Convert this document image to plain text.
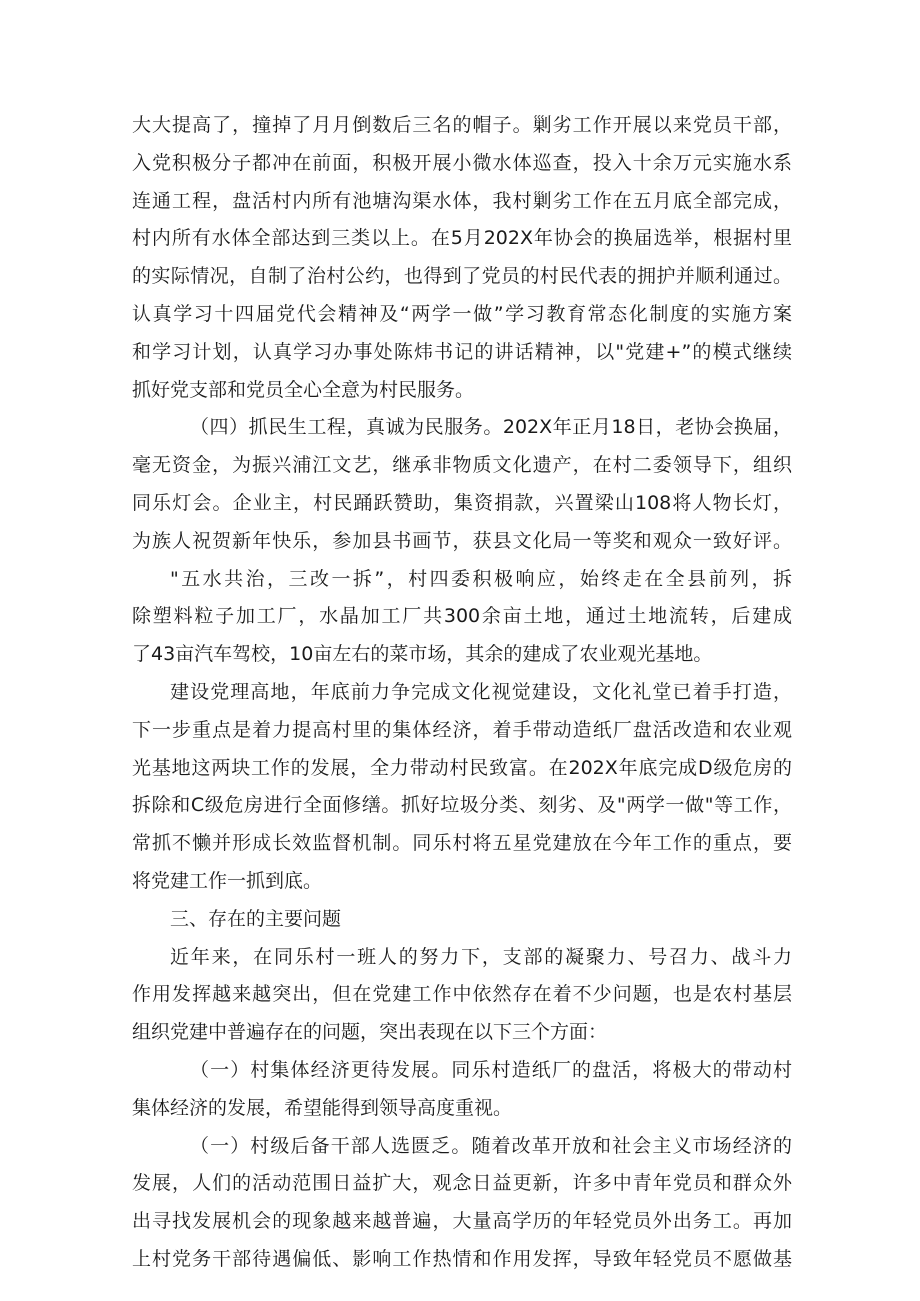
大大提高了，撞掉了月月倒数后三名的帽子。剿劣工作开展以来党员干部，
入党积极分子都冲在前面，积极开展小微水体巡查，投入十余万元实施水系
连通工程，盘活村内所有池塘沟渠水体，我村剿劣工作在五月底全部完成，
村内所有水体全部达到三类以上。在5月202X年协会的换届选举，根据村里
的实际情况，自制了治村公约，也得到了党员的村民代表的拥护并顺利通过。
认真学习十四届党代会精神及“两学一做”学习教育常态化制度的实施方案
和学习计划，认真学习办事处陈炜书记的讲话精神，以"党建+”的模式继续
抓好党支部和党员全心全意为村民服务。
（四）抓民生工程，真诚为民服务。202X年正月18日，老协会换届，
毫无资金，为振兴浦江文艺，继承非物质文化遗产，在村二委领导下，组织
同乐灯会。企业主，村民踊跃赞助，集资捐款，兴置梁山108将人物长灯，
为族人祝贺新年快乐，参加县书画节，获县文化局一等奖和观众一致好评。
"五水共治，三改一拆”，村四委积极响应，始终走在全县前列，拆
除塑料粒子加工厂，水晶加工厂共300余亩土地，通过土地流转，后建成
了43亩汽车驾校，10亩左右的菜市场，其余的建成了农业观光基地。
建设党理高地，年底前力争完成文化视觉建设，文化礼堂已着手打造，
下一步重点是着力提高村里的集体经济，着手带动造纸厂盘活改造和农业观
光基地这两块工作的发展，全力带动村民致富。在202X年底完成D级危房的
拆除和C级危房进行全面修缮。抓好垃圾分类、刻劣、及"两学一做"等工作，
常抓不懒并形成长效监督机制。同乐村将五星党建放在今年工作的重点，要
将党建工作一抓到底。
三、存在的主要问题
近年来，在同乐村一班人的努力下，支部的凝聚力、号召力、战斗力
作用发挥越来越突出，但在党建工作中依然存在着不少问题，也是农村基层
组织党建中普遍存在的问题，突出表现在以下三个方面：
（一）村集体经济更待发展。同乐村造纸厂的盘活，将极大的带动村
集体经济的发展，希望能得到领导高度重视。
（一）村级后备干部人选匮乏。随着改革开放和社会主义市场经济的
发展，人们的活动范围日益扩大，观念日益更新，许多中青年党员和群众外
出寻找发展机会的现象越来越普遍，大量高学历的年轻党员外出务工。再加
上村党务干部待遇偏低、影响工作热情和作用发挥，导致年轻党员不愿做基
